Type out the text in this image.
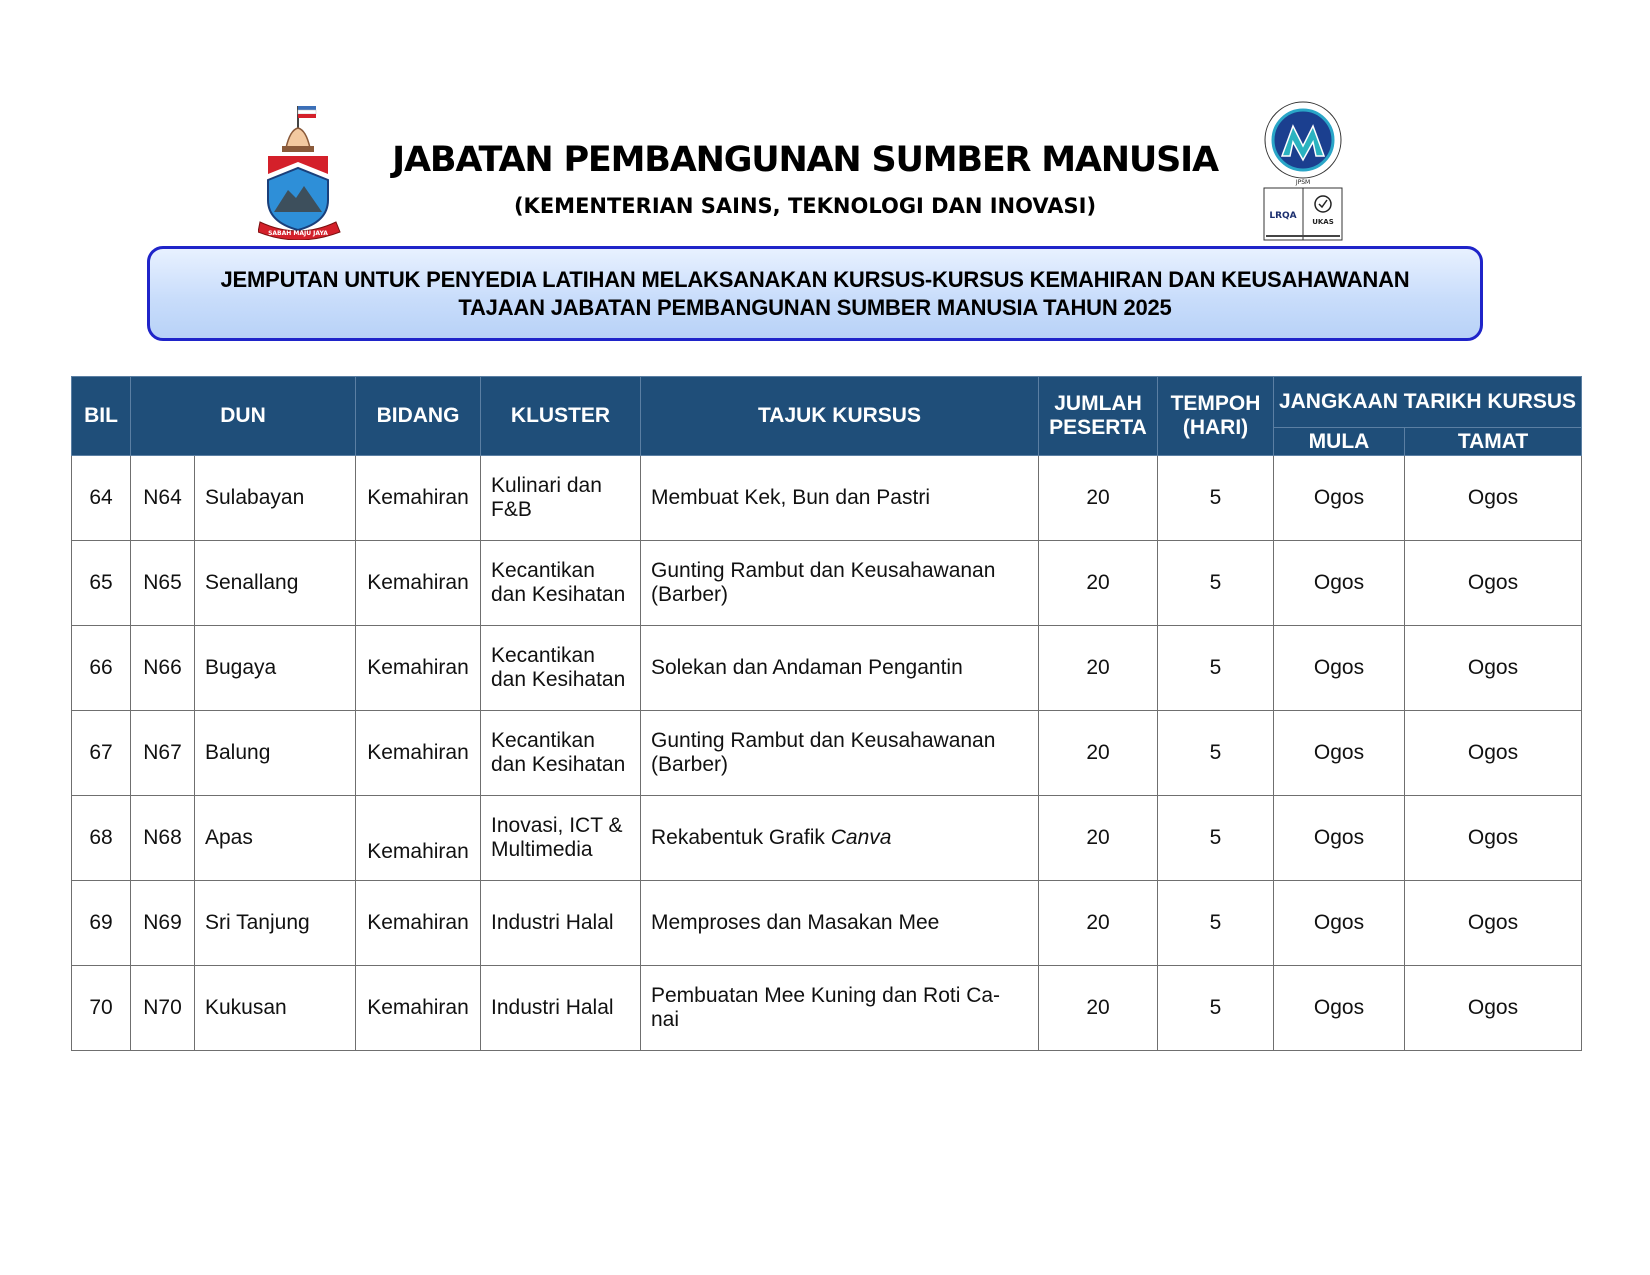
SABAH MAJU JAYA
JABATAN PEMBANGUNAN SUMBER MANUSIA
(KEMENTERIAN SAINS, TEKNOLOGI DAN INOVASI)
JPSM
LRQA
UKAS
JEMPUTAN UNTUK PENYEDIA LATIHAN MELAKSANAKAN KURSUS-KURSUS KEMAHIRAN DAN KEUSAHAWANAN
TAJAAN JABATAN PEMBANGUNAN SUMBER MANUSIA TAHUN 2025
BIL	DUN		BIDANG	KLUSTER	TAJUK KURSUS	JUMLAH PESERTA	TEMPOH (HARI)	JANGKAAN TARIKH KURSUS	
								MULA	TAMAT
64	N64	Sulabayan	Kemahiran	Kulinari dan F&B	Membuat Kek, Bun dan Pastri	20	5	Ogos	Ogos
65	N65	Senallang	Kemahiran	Kecantikan dan Kesihatan	Gunting Rambut dan Keusahawanan (Barber)	20	5	Ogos	Ogos
66	N66	Bugaya	Kemahiran	Kecantikan dan Kesihatan	Solekan dan Andaman Pengantin	20	5	Ogos	Ogos
67	N67	Balung	Kemahiran	Kecantikan dan Kesihatan	Gunting Rambut dan Keusahawanan (Barber)	20	5	Ogos	Ogos
68	N68	Apas	Kemahiran	Inovasi, ICT & Multimedia	Rekabentuk Grafik Canva	20	5	Ogos	Ogos
69	N69	Sri Tanjung	Kemahiran	Industri Halal	Memproses dan Masakan Mee	20	5	Ogos	Ogos
70	N70	Kukusan	Kemahiran	Industri Halal	Pembuatan Mee Kuning dan Roti Ca-nai	20	5	Ogos	Ogos
